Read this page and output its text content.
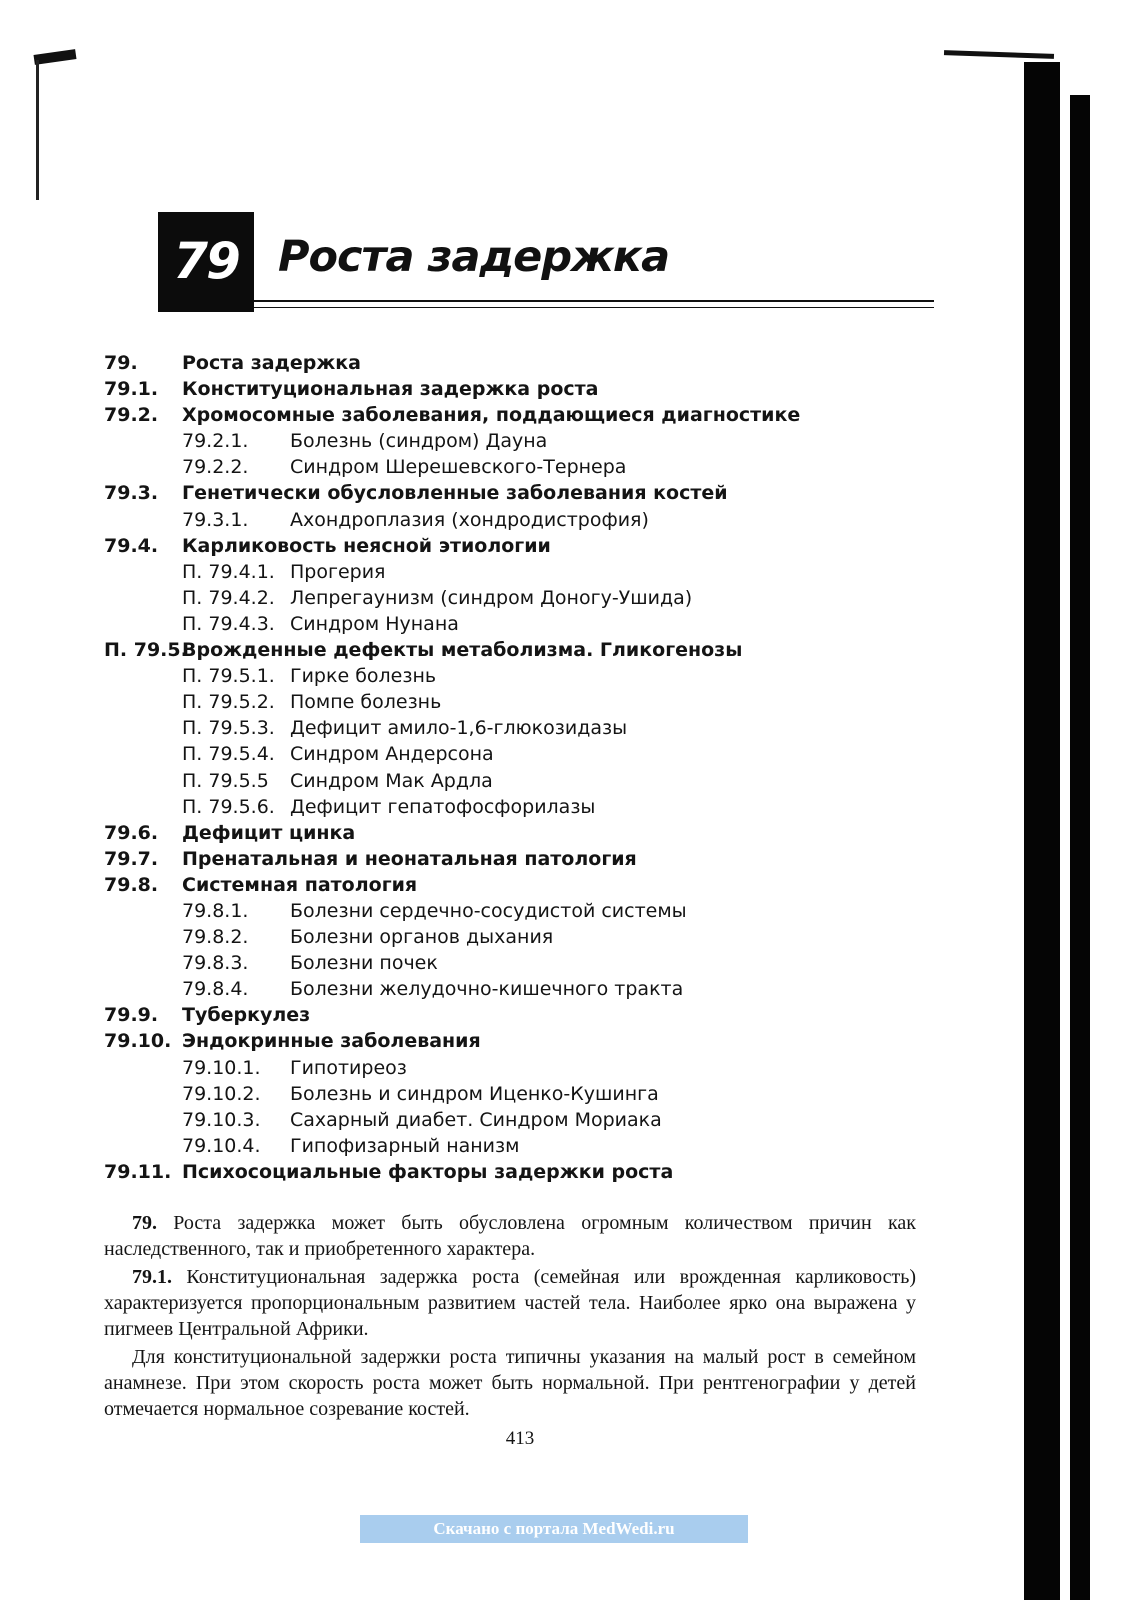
79 Роста задержка
79. Роста задержка
79.1. Конституциональная задержка роста
79.2. Хромосомные заболевания, поддающиеся диагностике
79.2.1. Болезнь (синдром) Дауна
79.2.2. Синдром Шерешевского-Тернера
79.3. Генетически обусловленные заболевания костей
79.3.1. Ахондроплазия (хондродистрофия)
79.4. Карликовость неясной этиологии
П. 79.4.1. Прогерия
П. 79.4.2. Лепрегаунизм (синдром Доногу-Ушида)
П. 79.4.3. Синдром Нунана
П. 79.5.
Врожденные дефекты метаболизма. Гликогенозы
П. 79.5.1. Гирке болезнь
П. 79.5.2. Помпе болезнь
П. 79.5.3. Дефицит амило-1,6-глюкозидазы
П. 79.5.4. Синдром Андерсона
П. 79.5.5 Синдром Мак Ардла
П. 79.5.6. Дефицит гепатофосфорилазы
79.6. Дефицит цинка
79.7. Пренатальная и неонатальная патология
79.8. Системная патология
79.8.1. Болезни сердечно-сосудистой системы
79.8.2. Болезни органов дыхания
79.8.3. Болезни почек
79.8.4. Болезни желудочно-кишечного тракта
79.9. Туберкулез
79.10. Эндокринные заболевания
79.10.1. Гипотиреоз
79.10.2. Болезнь и синдром Иценко-Кушинга
79.10.3. Сахарный диабет. Синдром Мориака
79.10.4. Гипофизарный нанизм
79.11. Психосоциальные факторы задержки роста

79. Роста задержка может быть обусловлена огромным количеством причин как наследственного, так и приобретенного характера.

79.1. Конституциональная задержка роста (семейная или врожденная карликовость) характеризуется пропорциональным развитием частей тела. Наиболее ярко она выражена у пигмеев Центральной Африки.

Для конституциональной задержки роста типичны указания на малый рост в семейном анамнезе. При этом скорость роста может быть нормальной. При рентгенографии у детей отмечается нормальное созревание костей.

413
Скачано с портала MedWedi.ru
